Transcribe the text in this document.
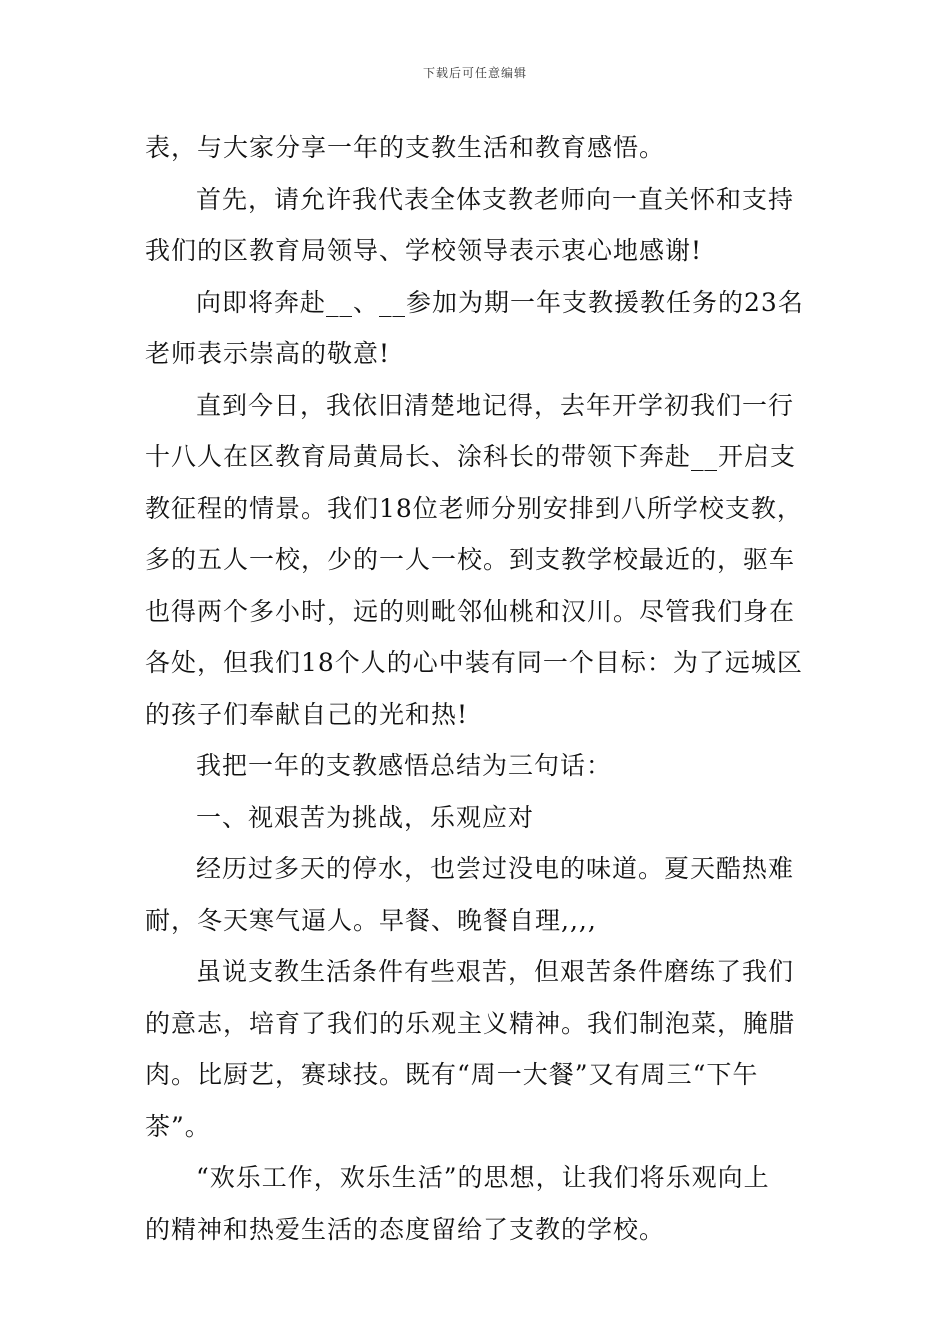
下载后可任意编辑
表，与大家分享一年的支教生活和教育感悟。
首先，请允许我代表全体支教老师向一直关怀和支持
我们的区教育局领导、学校领导表示衷心地感谢!
向即将奔赴__、__参加为期一年支教援教任务的23名
老师表示崇高的敬意!
直到今日，我依旧清楚地记得，去年开学初我们一行
十八人在区教育局黄局长、涂科长的带领下奔赴__开启支
教征程的情景。我们18位老师分别安排到八所学校支教，
多的五人一校，少的一人一校。到支教学校最近的，驱车
也得两个多小时，远的则毗邻仙桃和汉川。尽管我们身在
各处，但我们18个人的心中装有同一个目标：为了远城区
的孩子们奉献自己的光和热!
我把一年的支教感悟总结为三句话：
一、视艰苦为挑战，乐观应对
经历过多天的停水，也尝过没电的味道。夏天酷热难
耐，冬天寒气逼人。早餐、晚餐自理,,,,
虽说支教生活条件有些艰苦，但艰苦条件磨练了我们
的意志，培育了我们的乐观主义精神。我们制泡菜，腌腊
肉。比厨艺，赛球技。既有“周一大餐”又有周三“下午
茶”。
“欢乐工作，欢乐生活”的思想，让我们将乐观向上
的精神和热爱生活的态度留给了支教的学校。
